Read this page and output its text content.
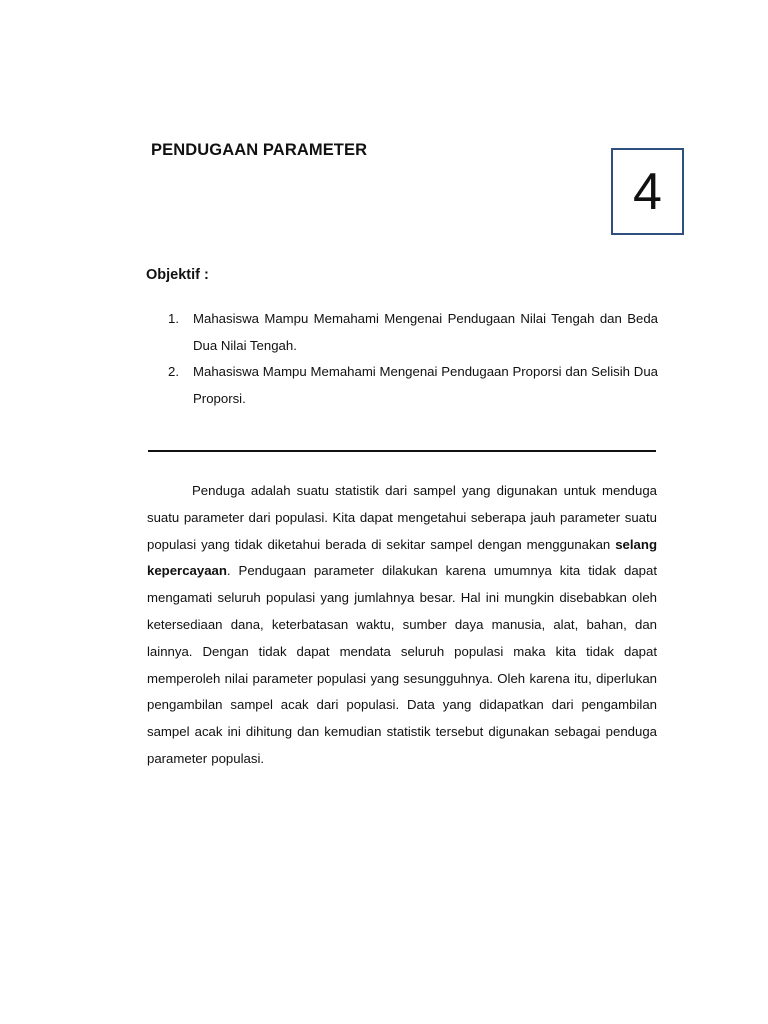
PENDUGAAN PARAMETER
4
Objektif :
1. Mahasiswa Mampu Memahami Mengenai Pendugaan Nilai Tengah dan Beda Dua Nilai Tengah.
2. Mahasiswa Mampu Memahami Mengenai Pendugaan Proporsi dan Selisih Dua Proporsi.

Penduga adalah suatu statistik dari sampel yang digunakan untuk menduga suatu parameter dari populasi. Kita dapat mengetahui seberapa jauh parameter suatu populasi yang tidak diketahui berada di sekitar sampel dengan menggunakan selang kepercayaan. Pendugaan parameter dilakukan karena umumnya kita tidak dapat mengamati seluruh populasi yang jumlahnya besar. Hal ini mungkin disebabkan oleh ketersediaan dana, keterbatasan waktu, sumber daya manusia, alat, bahan, dan lainnya. Dengan tidak dapat mendata seluruh populasi maka kita tidak dapat memperoleh nilai parameter populasi yang sesungguhnya. Oleh karena itu, diperlukan pengambilan sampel acak dari populasi. Data yang didapatkan dari pengambilan sampel acak ini dihitung dan kemudian statistik tersebut digunakan sebagai penduga parameter populasi.
